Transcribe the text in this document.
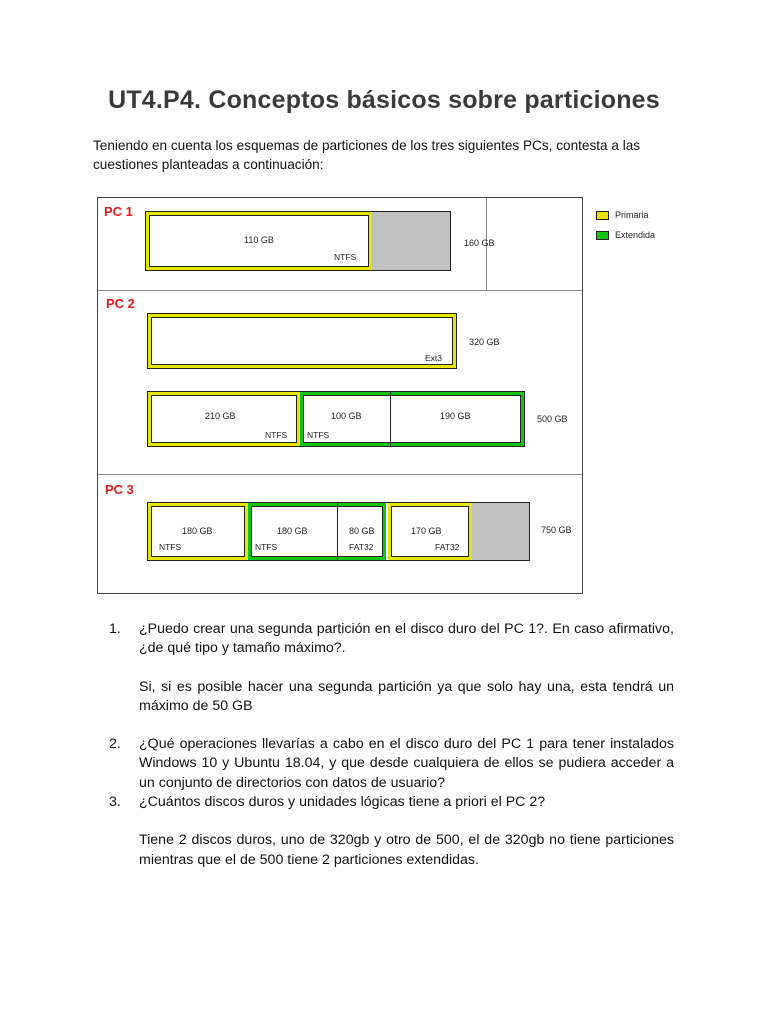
UT4.P4. Conceptos básicos sobre particiones
Teniendo en cuenta los esquemas de particiones de los tres siguientes PCs, contesta a las cuestiones planteadas a continuación:
Primaria
Extendida
PC 1
110 GB
NTFS
160 GB
PC 2
Ext3
320 GB
210 GB
NTFS
100 GB
NTFS
190 GB	500 GB
PC 3
180 GB
NTFS
180 GB
NTFS
80 GB
FAT32
170 GB
FAT32
750 GB
1. ¿Puedo crear una segunda partición en el disco duro del PC 1?. En caso afirmativo, ¿de qué tipo y tamaño máximo?.
Si, si es posible hacer una segunda partición ya que solo hay una, esta tendrá un máximo de 50 GB
2. ¿Qué operaciones llevarías a cabo en el disco duro del PC 1 para tener instalados Windows 10 y Ubuntu 18.04, y que desde cualquiera de ellos se pudiera acceder a un conjunto de directorios con datos de usuario?
3. ¿Cuántos discos duros y unidades lógicas tiene a priori el PC 2?
Tiene 2 discos duros, uno de 320gb y otro de 500, el de 320gb no tiene particiones mientras que el de 500 tiene 2 particiones extendidas.
